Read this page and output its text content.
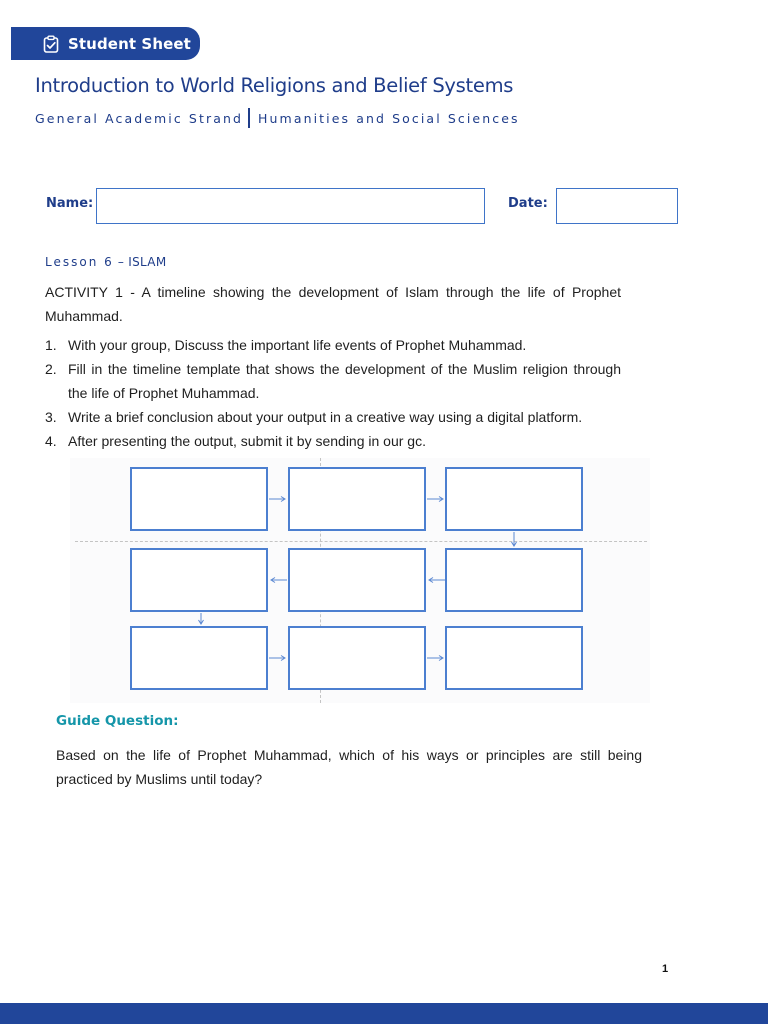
Student Sheet
Introduction to World Religions and Belief Systems
General Academic Strand Humanities and Social Sciences
Name:	Date:
Lesson 6 – ISLAM
ACTIVITY 1 - A timeline showing the development of Islam through the life of Prophet Muhammad.
1. With your group, Discuss the important life events of Prophet Muhammad.
2. Fill in the timeline template that shows the development of the Muslim religion through the life of Prophet Muhammad.
3. Write a brief conclusion about your output in a creative way using a digital platform.
4. After presenting the output, submit it by sending in our gc.
Guide Question:
Based on the life of Prophet Muhammad, which of his ways or principles are still being practiced by Muslims until today?
1
